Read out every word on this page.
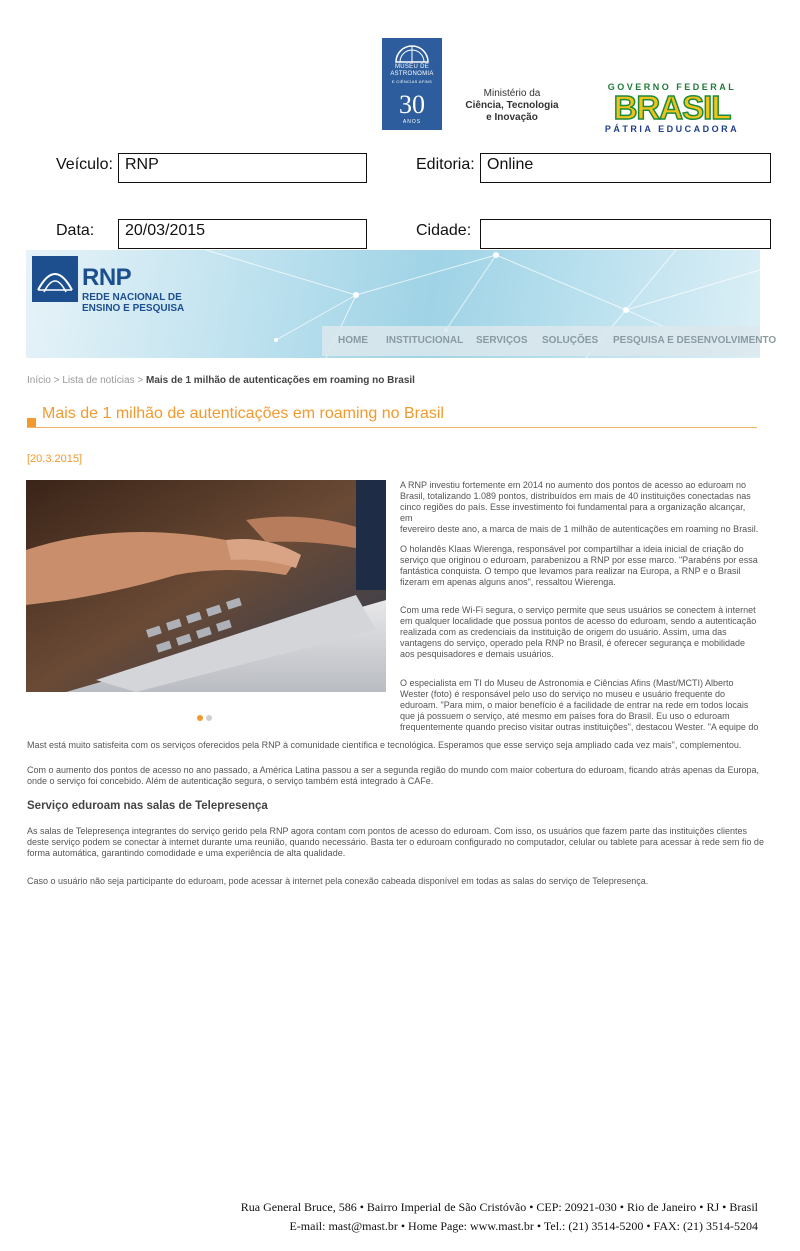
MUSEU DE
ASTRONOMIA
E CIÊNCIAS AFINS
30
ANOS
Ministério da
Ciência, Tecnologia
e Inovação
GOVERNO FEDERAL
BRASIL
PÁTRIA EDUCADORA
Veículo: RNP	Editoria: Online
Data:	20/03/2015	Cidade:
RNP
REDE NACIONAL DE
ENSINO E PESQUISA
HOME INSTITUCIONAL SERVIÇOS SOLUÇÕES PESQUISA E DESENVOLVIMENTO
Início > Lista de notícias > Mais de 1 milhão de autenticações em roaming no Brasil
Mais de 1 milhão de autenticações em roaming no Brasil
[20.3.2015]
A RNP investiu fortemente em 2014 no aumento dos pontos de acesso ao eduroam no
Brasil, totalizando 1.089 pontos, distribuídos em mais de 40 instituições conectadas nas
cinco regiões do país. Esse investimento foi fundamental para a organização alcançar, em
fevereiro deste ano, a marca de mais de 1 milhão de autenticações em roaming no Brasil.
O holandês Klaas Wierenga, responsável por compartilhar a ideia inicial de criação do
serviço que originou o eduroam, parabenizou a RNP por esse marco. "Parabéns por essa
fantástica conquista. O tempo que levamos para realizar na Europa, a RNP e o Brasil
fizeram em apenas alguns anos", ressaltou Wierenga.
Com uma rede Wi-Fi segura, o serviço permite que seus usuários se conectem à internet
em qualquer localidade que possua pontos de acesso do eduroam, sendo a autenticação
realizada com as credenciais da instituição de origem do usuário. Assim, uma das
vantagens do serviço, operado pela RNP no Brasil, é oferecer segurança e mobilidade
aos pesquisadores e demais usuários.
O especialista em TI do Museu de Astronomia e Ciências Afins (Mast/MCTI) Alberto
Wester (foto) é responsável pelo uso do serviço no museu e usuário frequente do
eduroam. "Para mim, o maior benefício é a facilidade de entrar na rede em todos locais
que já possuem o serviço, até mesmo em países fora do Brasil. Eu uso o eduroam
frequentemente quando preciso visitar outras instituições", destacou Wester. "A equipe do
Mast está muito satisfeita com os serviços oferecidos pela RNP à comunidade científica e tecnológica. Esperamos que esse serviço seja ampliado cada vez mais", complementou.
Com o aumento dos pontos de acesso no ano passado, a América Latina passou a ser a segunda região do mundo com maior cobertura do eduroam, ficando atrás apenas da Europa,
onde o serviço foi concebido. Além de autenticação segura, o serviço também está integrado à CAFe.
Serviço eduroam nas salas de Telepresença
As salas de Telepresença integrantes do serviço gerido pela RNP agora contam com pontos de acesso do eduroam. Com isso, os usuários que fazem parte das instituições clientes
deste serviço podem se conectar à internet durante uma reunião, quando necessário. Basta ter o eduroam configurado no computador, celular ou tablete para acessar à rede sem fio de
forma automática, garantindo comodidade e uma experiência de alta qualidade.
Caso o usuário não seja participante do eduroam, pode acessar à internet pela conexão cabeada disponível em todas as salas do serviço de Telepresença.
Rua General Bruce, 586 • Bairro Imperial de São Cristóvão • CEP: 20921-030 • Rio de Janeiro • RJ • Brasil
E-mail: mast@mast.br • Home Page: www.mast.br • Tel.: (21) 3514-5200 • FAX: (21) 3514-5204
